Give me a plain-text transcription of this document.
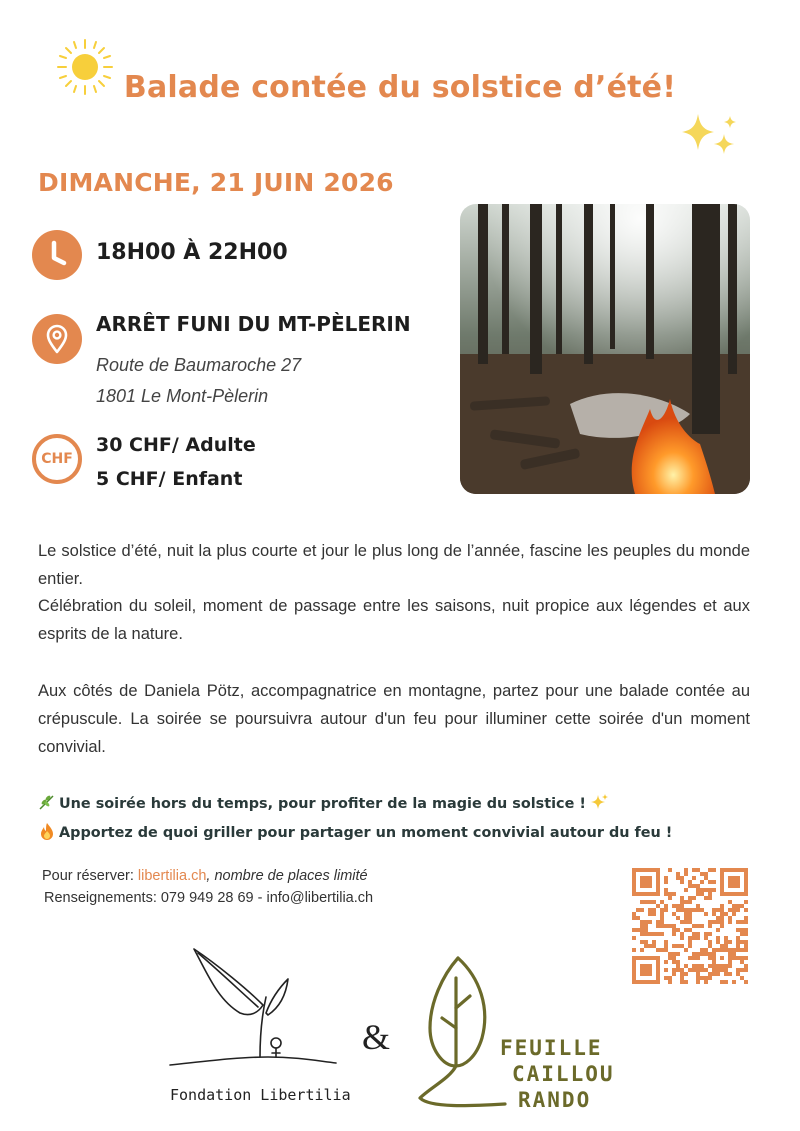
Balade contée du solstice d’été!
DIMANCHE, 21 JUIN 2026
18H00 À 22H00
ARRÊT FUNI DU MT-PÈLERIN
Route de Baumaroche 27
1801 Le Mont-Pèlerin
CHF
30 CHF/ Adulte
5 CHF/ Enfant
Le solstice d’été, nuit la plus courte et jour le plus long de l’année, fascine les peuples du monde entier.
Célébration du soleil, moment de passage entre les saisons, nuit propice aux légendes et aux esprits de la nature.
Aux côtés de Daniela Pötz, accompagnatrice en montagne, partez pour une balade contée au crépuscule. La soirée se poursuivra autour d'un feu pour illuminer cette soirée d'un moment convivial.
Une soirée hors du temps, pour profiter de la magie du solstice !
Apportez de quoi griller pour partager un moment convivial autour du feu !
Pour réserver: libertilia.ch, nombre de places limité
Renseignements: 079 949 28 69 - info@libertilia.ch
Fondation Libertilia
&	FEUILLE
CAILLOU
RANDO
